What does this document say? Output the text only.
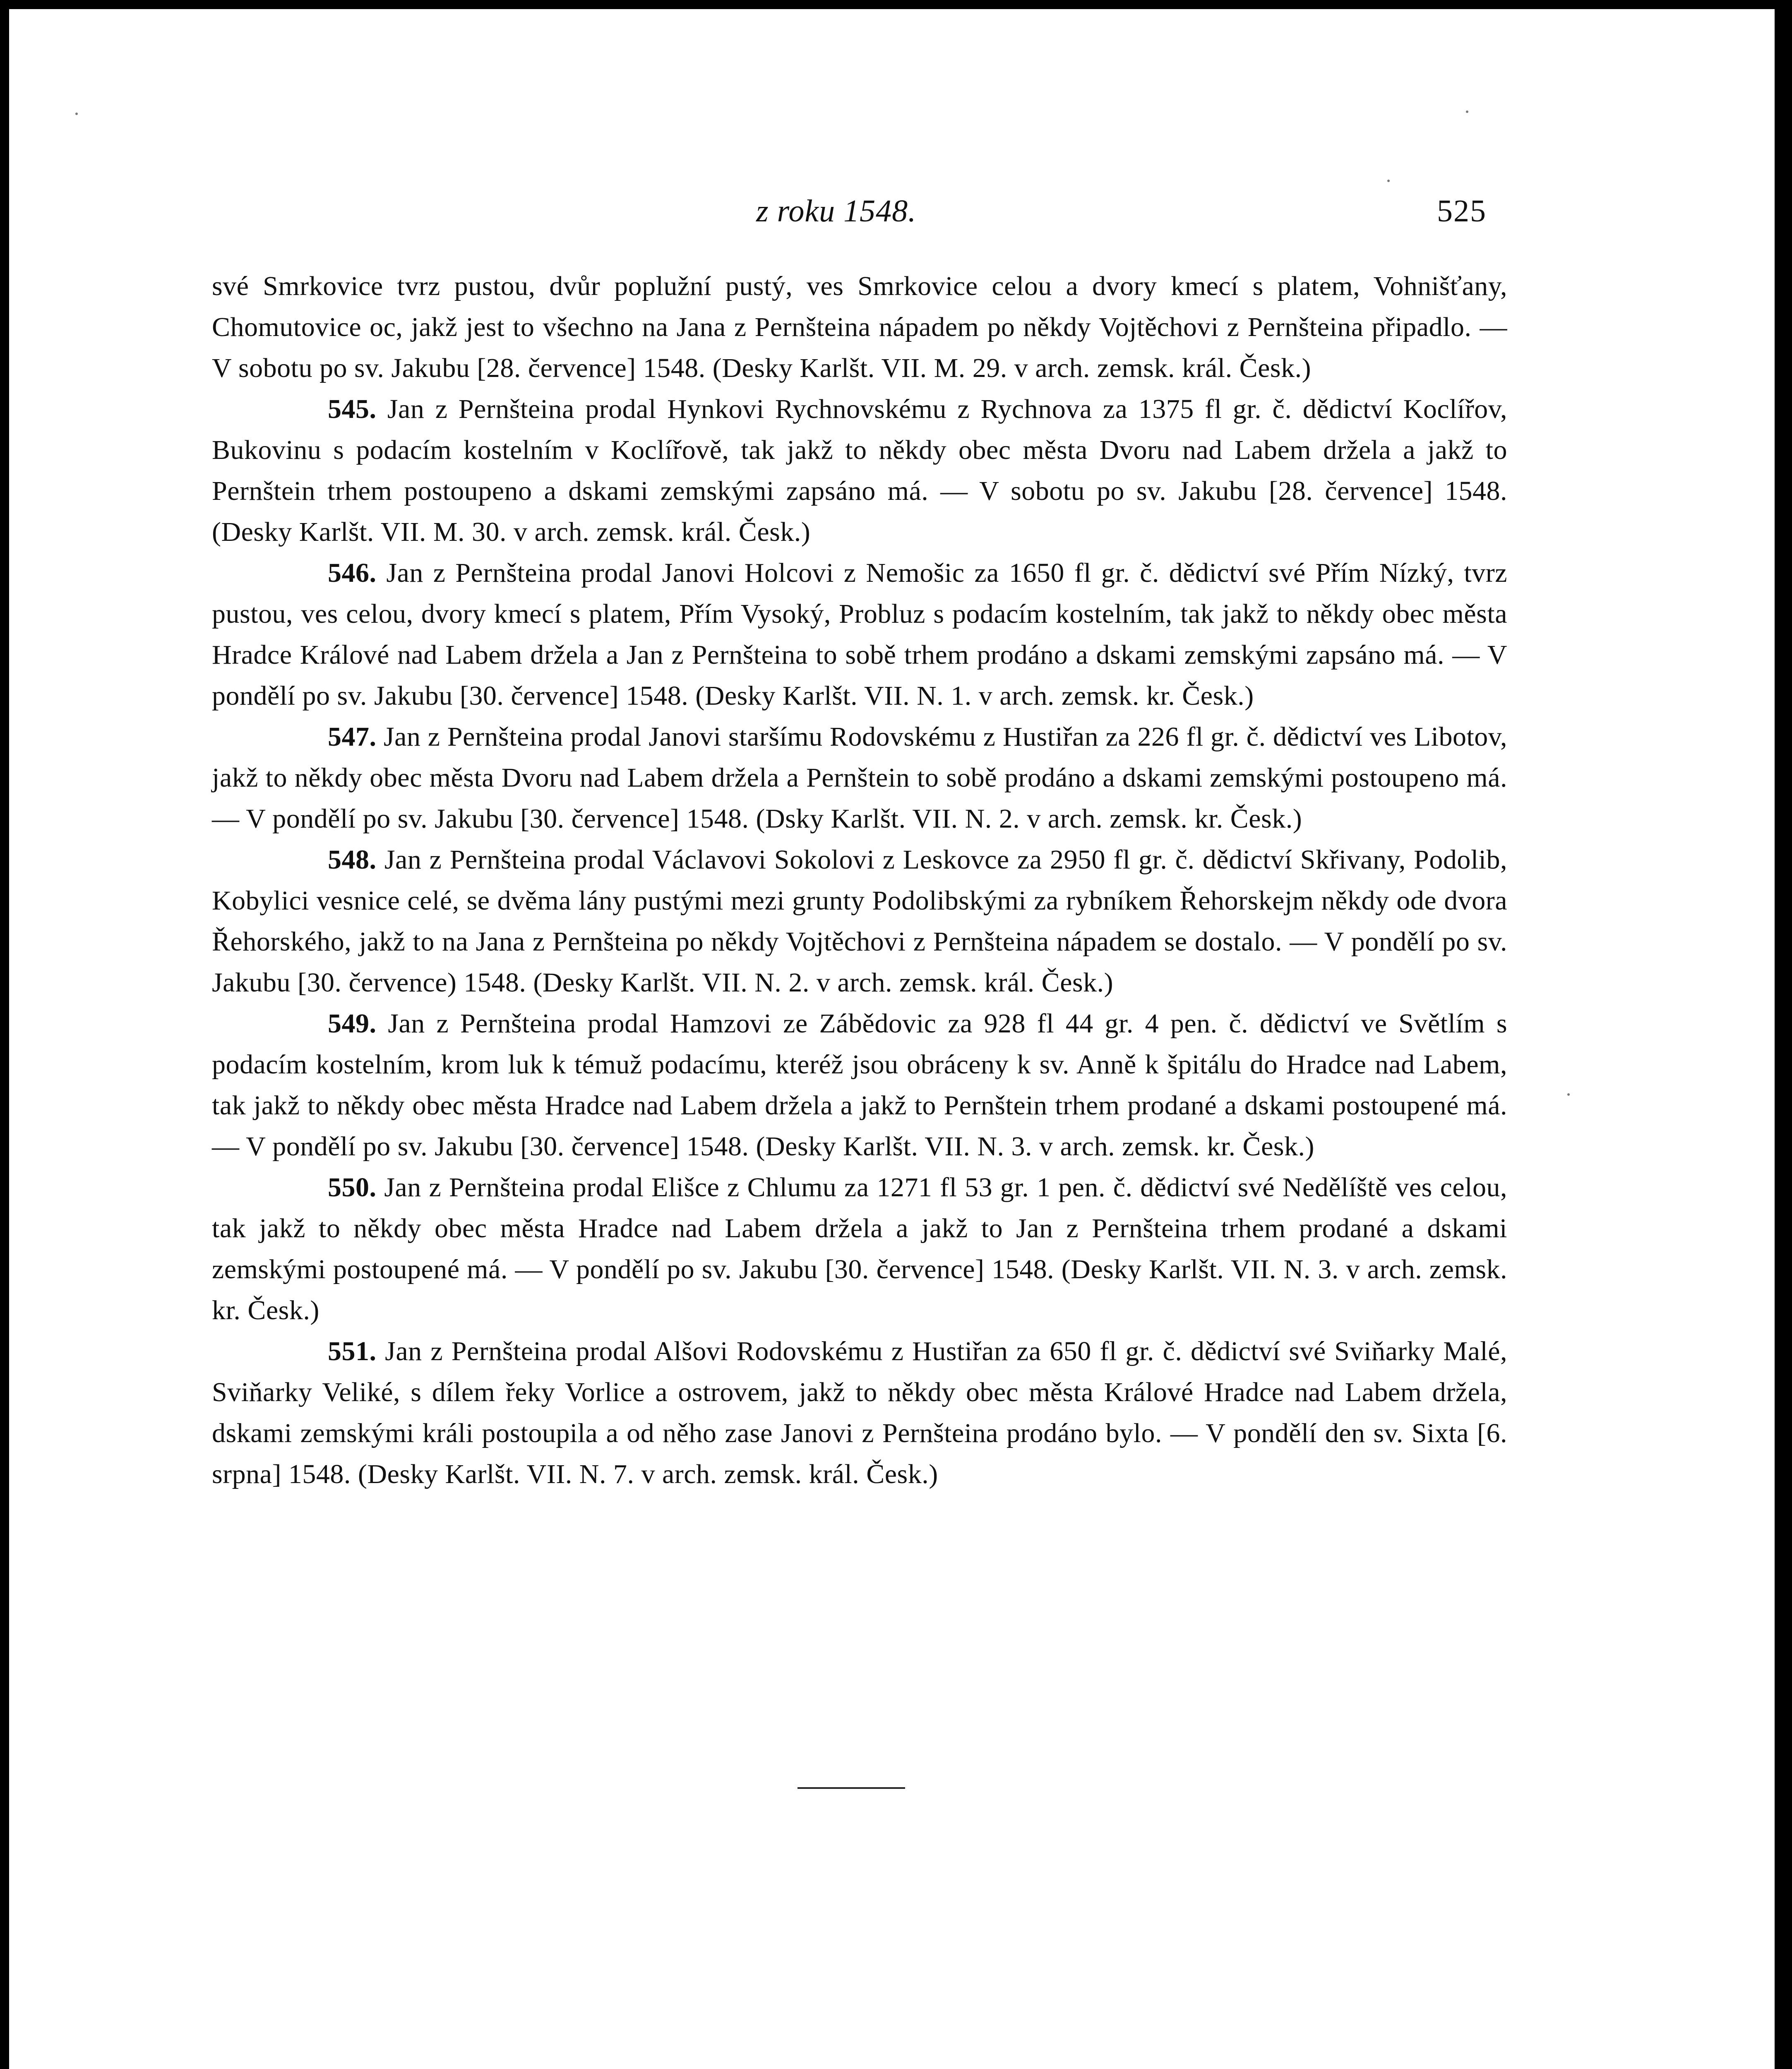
z roku 1548.	525

své Smrkovice tvrz pustou, dvůr poplužní pustý, ves Smrkovice celou a dvory kmecí s platem, Vohnišťany, Chomutovice oc, jakž jest to všechno na Jana z Pernšteina nápadem po někdy Vojtěchovi z Pernšteina připadlo. — V sobotu po sv. Jakubu [28. července] 1548. (Desky Karlšt. VII. M. 29. v arch. zemsk. král. Česk.)

545. Jan z Pernšteina prodal Hynkovi Rychnovskému z Rychnova za 1375 fl gr. č. dědictví Koclířov, Bukovinu s podacím kostelním v Koclířově, tak jakž to někdy obec města Dvoru nad Labem držela a jakž to Pernštein trhem postoupeno a dskami zemskými zapsáno má. — V sobotu po sv. Jakubu [28. července] 1548. (Desky Karlšt. VII. M. 30. v arch. zemsk. král. Česk.)

546. Jan z Pernšteina prodal Janovi Holcovi z Nemošic za 1650 fl gr. č. dědictví své Přím Nízký, tvrz pustou, ves celou, dvory kmecí s platem, Přím Vysoký, Probluz s podacím kostelním, tak jakž to někdy obec města Hradce Králové nad Labem držela a Jan z Pernšteina to sobě trhem prodáno a dskami zemskými zapsáno má. — V pondělí po sv. Jakubu [30. července] 1548. (Desky Karlšt. VII. N. 1. v arch. zemsk. kr. Česk.)

547. Jan z Pernšteina prodal Janovi staršímu Rodovskému z Hustiřan za 226 fl gr. č. dědictví ves Libotov, jakž to někdy obec města Dvoru nad Labem držela a Pernštein to sobě prodáno a dskami zemskými postoupeno má. — V pondělí po sv. Jakubu [30. července] 1548. (Dsky Karlšt. VII. N. 2. v arch. zemsk. kr. Česk.)

548. Jan z Pernšteina prodal Václavovi Sokolovi z Leskovce za 2950 fl gr. č. dědictví Skřivany, Podolib, Kobylici vesnice celé, se dvěma lány pustými mezi grunty Podolibskými za rybníkem Řehorskejm někdy ode dvora Řehorského, jakž to na Jana z Pernšteina po někdy Vojtěchovi z Pernšteina nápadem se dostalo. — V pondělí po sv. Jakubu [30. července) 1548. (Desky Karlšt. VII. N. 2. v arch. zemsk. král. Česk.)

549. Jan z Pernšteina prodal Hamzovi ze Zábědovic za 928 fl 44 gr. 4 pen. č. dědictví ve Světlím s podacím kostelním, krom luk k témuž podacímu, kteréž jsou obráceny k sv. Anně k špitálu do Hradce nad Labem, tak jakž to někdy obec města Hradce nad Labem držela a jakž to Pernštein trhem prodané a dskami postoupené má. — V pondělí po sv. Jakubu [30. července] 1548. (Desky Karlšt. VII. N. 3. v arch. zemsk. kr. Česk.)

550. Jan z Pernšteina prodal Elišce z Chlumu za 1271 fl 53 gr. 1 pen. č. dědictví své Nedělíště ves celou, tak jakž to někdy obec města Hradce nad Labem držela a jakž to Jan z Pernšteina trhem prodané a dskami zemskými postoupené má. — V pondělí po sv. Jakubu [30. července] 1548. (Desky Karlšt. VII. N. 3. v arch. zemsk. kr. Česk.)

551. Jan z Pernšteina prodal Alšovi Rodovskému z Hustiřan za 650 fl gr. č. dědictví své Sviňarky Malé, Sviňarky Veliké, s dílem řeky Vorlice a ostrovem, jakž to někdy obec města Králové Hradce nad Labem držela, dskami zemskými králi postoupila a od něho zase Janovi z Pernšteina prodáno bylo. — V pondělí den sv. Sixta [6. srpna] 1548. (Desky Karlšt. VII. N. 7. v arch. zemsk. král. Česk.)
